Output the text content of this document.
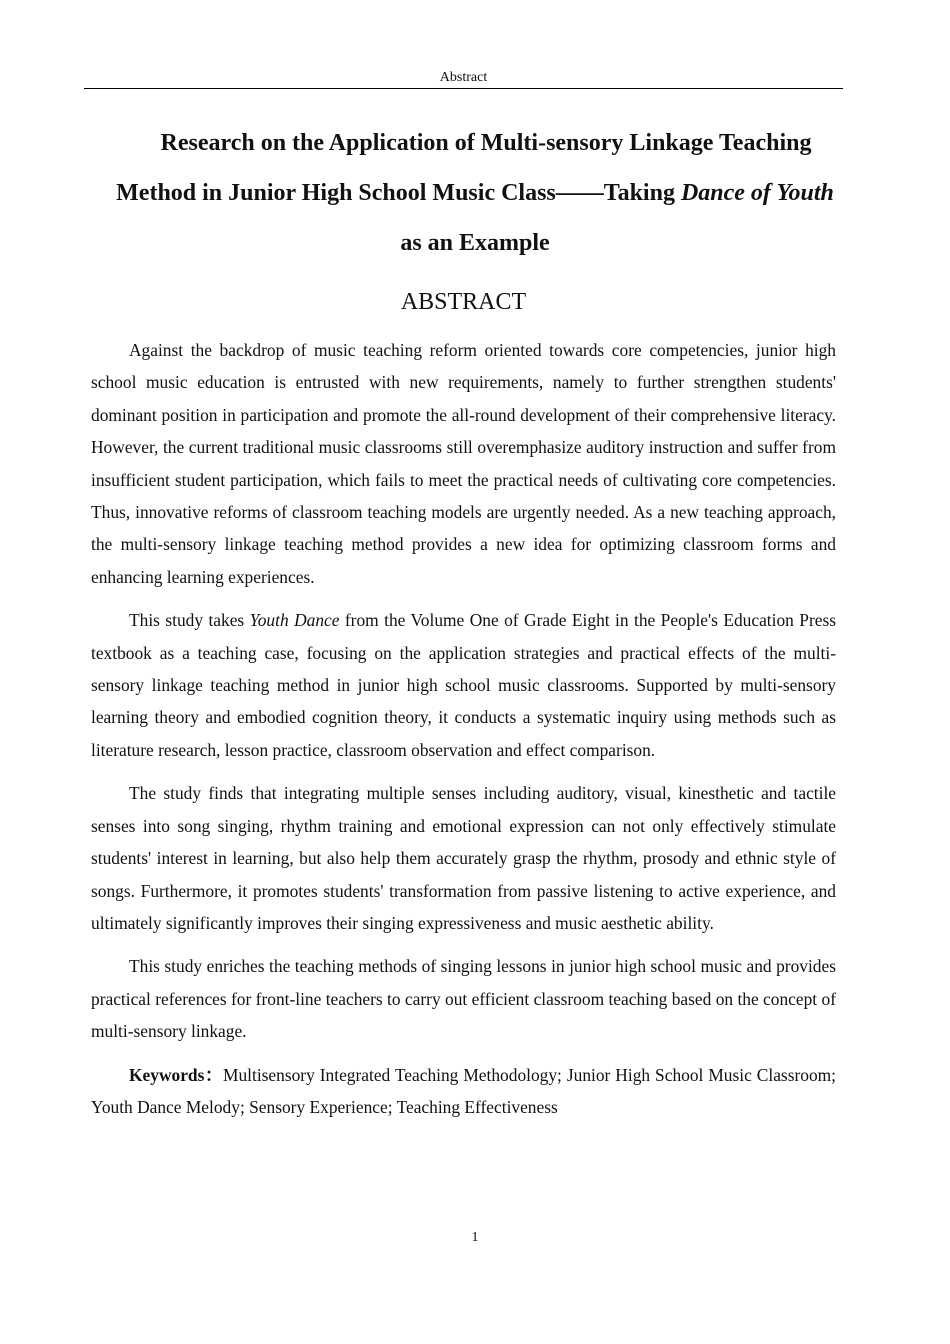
Abstract
Research on the Application of Multi-sensory Linkage Teaching Method in Junior High School Music Class——Taking Dance of Youth as an Example
ABSTRACT

Against the backdrop of music teaching reform oriented towards core competencies, junior high school music education is entrusted with new requirements, namely to further strengthen students' dominant position in participation and promote the all-round development of their comprehensive literacy. However, the current traditional music classrooms still overemphasize auditory instruction and suffer from insufficient student participation, which fails to meet the practical needs of cultivating core competencies. Thus, innovative reforms of classroom teaching models are urgently needed. As a new teaching approach, the multi-sensory linkage teaching method provides a new idea for optimizing classroom forms and enhancing learning experiences.

This study takes Youth Dance from the Volume One of Grade Eight in the People's Education Press textbook as a teaching case, focusing on the application strategies and practical effects of the multi-sensory linkage teaching method in junior high school music classrooms. Supported by multi-sensory learning theory and embodied cognition theory, it conducts a systematic inquiry using methods such as literature research, lesson practice, classroom observation and effect comparison.

The study finds that integrating multiple senses including auditory, visual, kinesthetic and tactile senses into song singing, rhythm training and emotional expression can not only effectively stimulate students' interest in learning, but also help them accurately grasp the rhythm, prosody and ethnic style of songs. Furthermore, it promotes students' transformation from passive listening to active experience, and ultimately significantly improves their singing expressiveness and music aesthetic ability.

This study enriches the teaching methods of singing lessons in junior high school music and provides practical references for front-line teachers to carry out efficient classroom teaching based on the concept of multi-sensory linkage.

Keywords：Multisensory Integrated Teaching Methodology; Junior High School Music Classroom; Youth Dance Melody; Sensory Experience; Teaching Effectiveness

1
